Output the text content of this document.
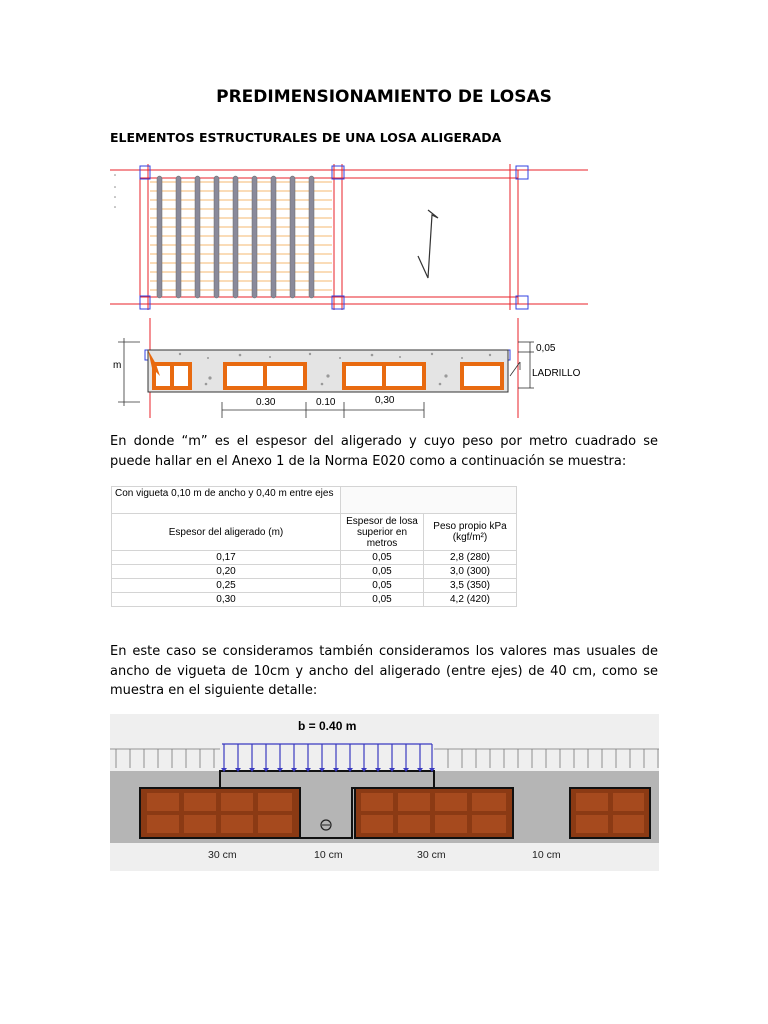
PREDIMENSIONAMIENTO DE LOSAS
ELEMENTOS ESTRUCTURALES DE UNA LOSA ALIGERADA
m
0,05
LADRILLO
0.30	0.10	0,30
En donde “m” es el espesor del aligerado y cuyo peso por metro cuadrado se puede hallar en el Anexo 1 de la Norma E020 como a continuación se muestra:
Con vigueta 0,10 m de ancho y 0,40 m entre ejes		
Espesor del aligerado (m)	Espesor de losa superior en metros	Peso propio kPa (kgf/m²)
0,17	0,05	2,8 (280)
0,20	0,05	3,0 (300)
0,25	0,05	3,5 (350)
0,30	0,05	4,2 (420)
En este caso se consideramos también consideramos los valores mas usuales de ancho de vigueta de 10cm y ancho del aligerado (entre ejes) de 40 cm, como se muestra en el siguiente detalle:
b = 0.40 m
30 cm	10 cm	30 cm	10 cm
